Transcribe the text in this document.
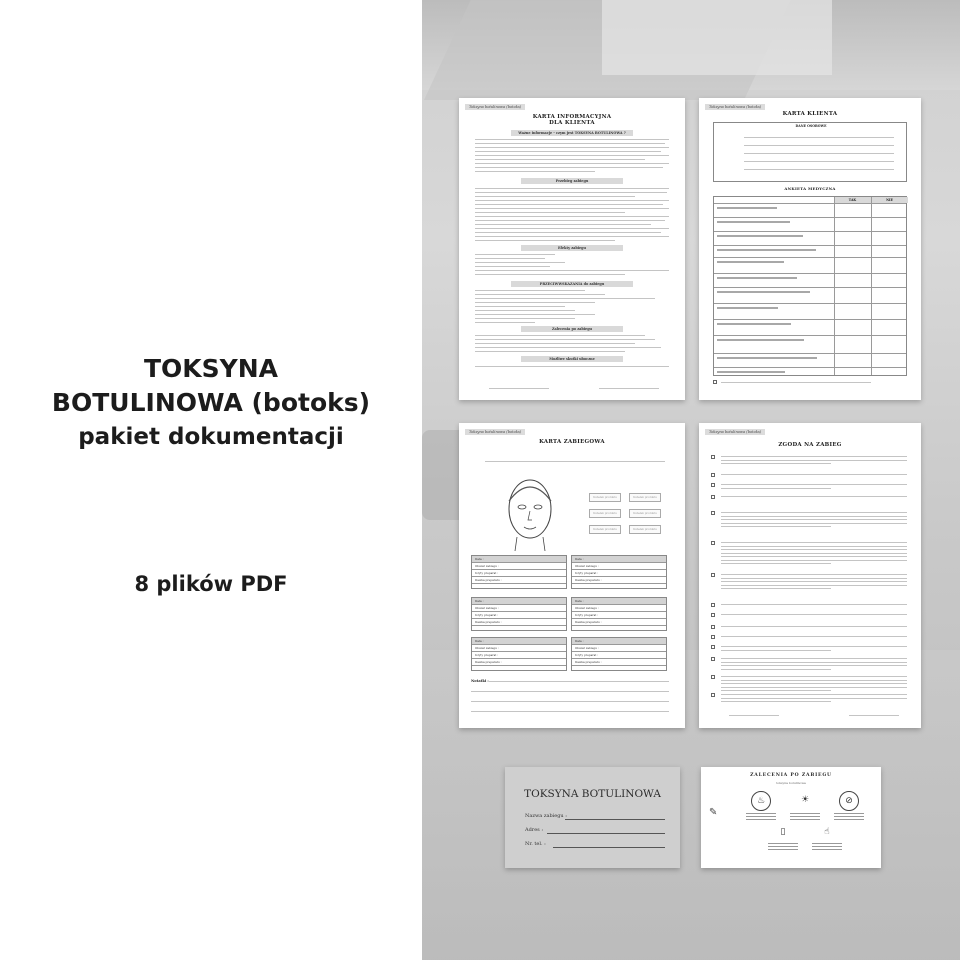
TOKSYNA
BOTULINOWA (botoks)
pakiet dokumentacji
8 plików PDF
Toksyna botulinowa (botoks)
KARTA INFORMACYJNA
DLA KLIENTA
Ważne informacje - czym jest TOKSYNA BOTULINOWA ?
Przebieg zabiegu
Efekty zabiegu
PRZECIWWSKAZANIA do zabiegu
Zalecenia po zabiegu
Możliwe skutki uboczne
Toksyna botulinowa (botoks)
KARTA KLIENTA
DANE OSOBOWE
ANKIETA MEDYCZNA
TAK	NIE
Toksyna botulinowa (botoks)
KARTA ZABIEGOWA
Kubełek produktu	Kubełek produktu
Kubełek produktu	Kubełek produktu
Kubełek produktu	Kubełek produktu
Notatki :
Data :
Obszar zabiegu :
Użyty preparat :
Dawka preparatu :
Data :
Obszar zabiegu :
Użyty preparat :
Dawka preparatu :
Data :
Obszar zabiegu :
Użyty preparat :
Dawka preparatu :
Data :
Obszar zabiegu :
Użyty preparat :
Dawka preparatu :
Data :
Obszar zabiegu :
Użyty preparat :
Dawka preparatu :
Data :
Obszar zabiegu :
Użyty preparat :
Dawka preparatu :
Toksyna botulinowa (botoks)
ZGODA NA ZABIEG
TOKSYNA BOTULINOWA
Nazwa zabiegu :
Adres :
Nr. tel. :
ZALECENIA PO ZABIEGU
toksyna botulinowa
✎
♨	☀	⊘
▯	☝
